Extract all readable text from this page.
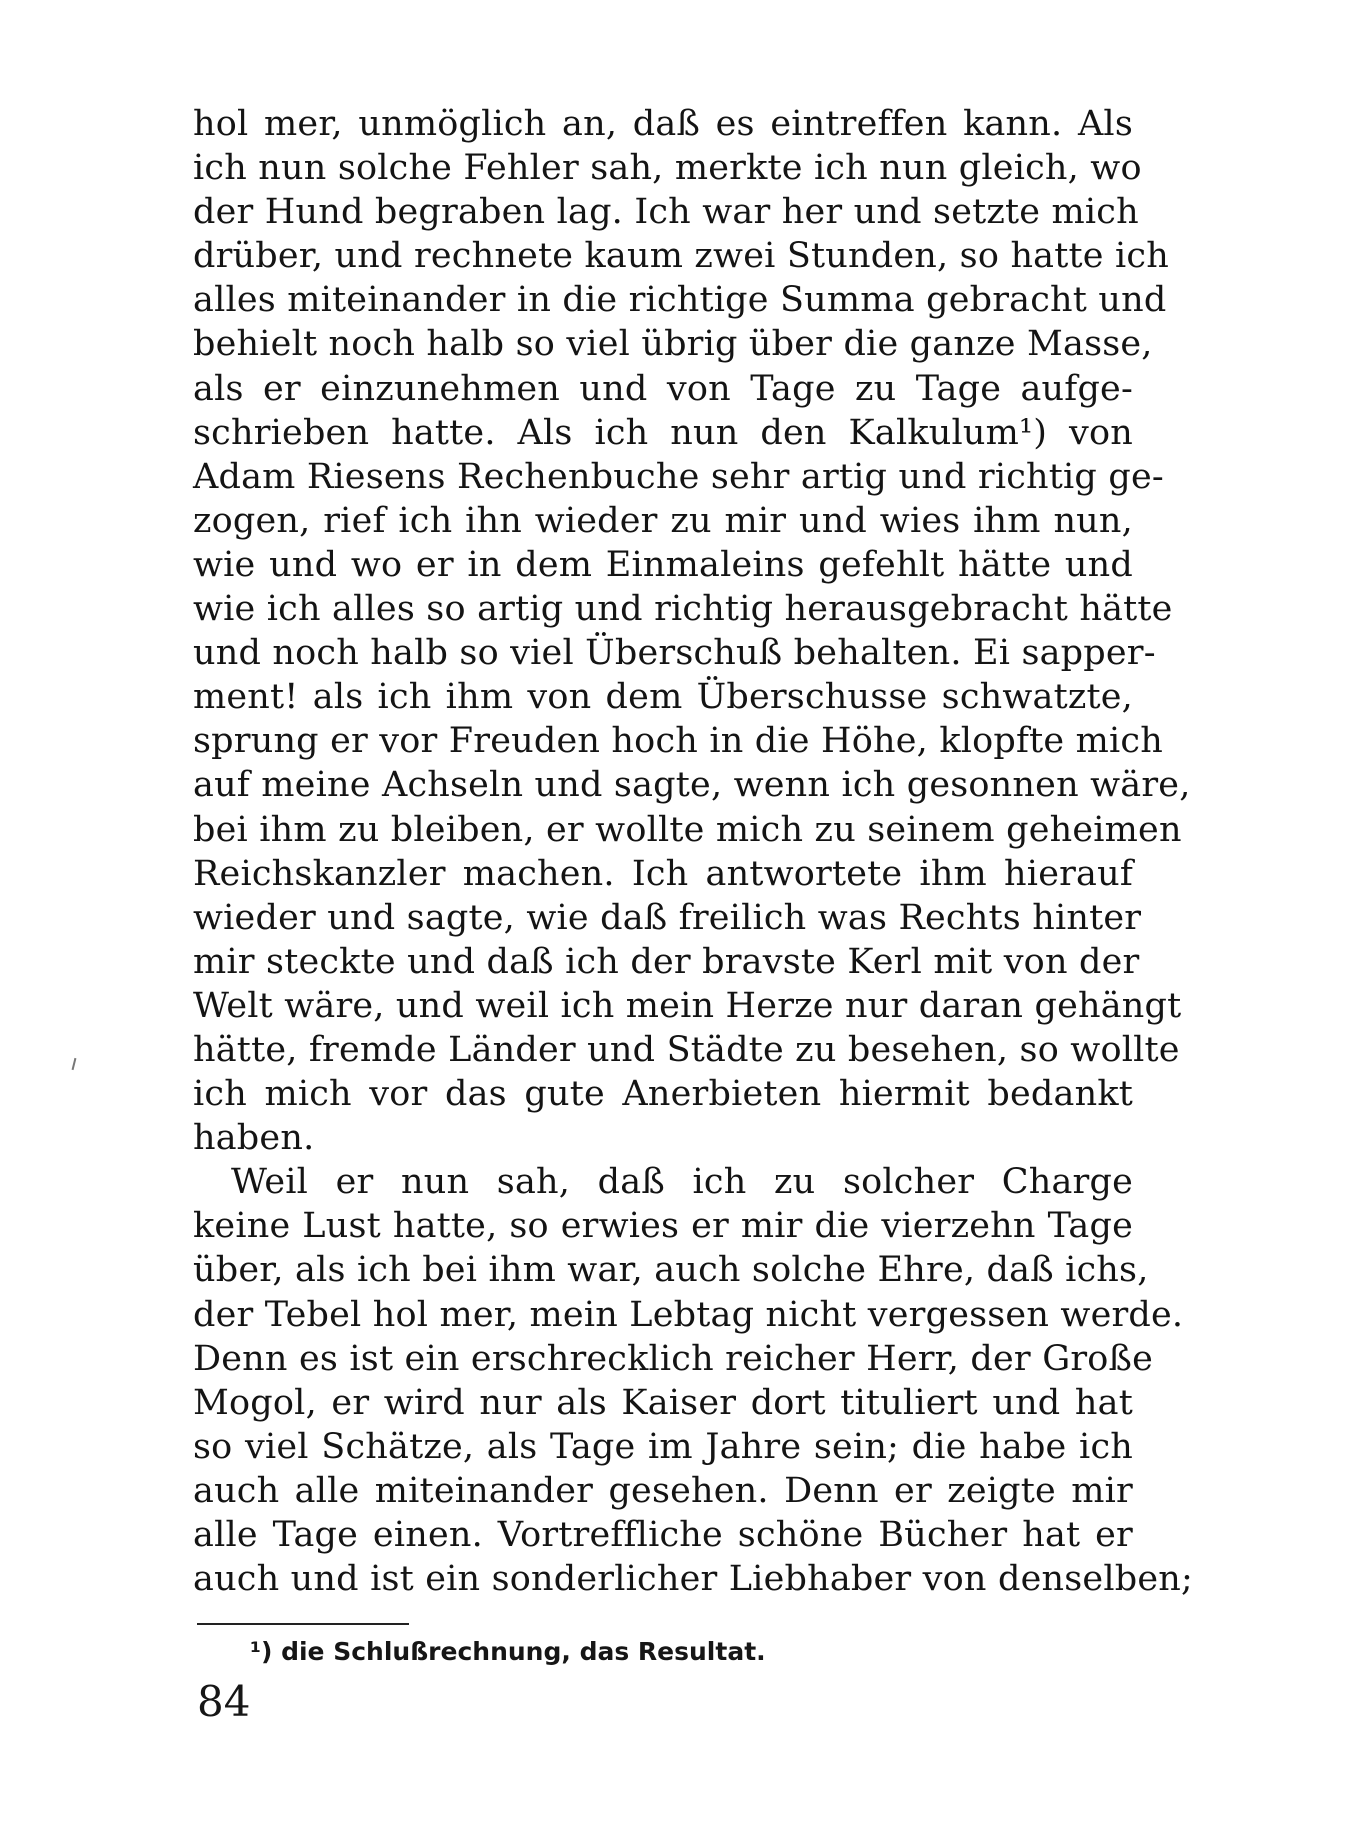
hol mer, unmöglich an, daß es eintreffen kann. Als
ich nun solche Fehler sah, merkte ich nun gleich, wo
der Hund begraben lag. Ich war her und setzte mich
drüber, und rechnete kaum zwei Stunden, so hatte ich
alles miteinander in die richtige Summa gebracht und
behielt noch halb so viel übrig über die ganze Masse,
als er einzunehmen und von Tage zu Tage aufge-
schrieben hatte. Als ich nun den Kalkulum¹) von
Adam Riesens Rechenbuche sehr artig und richtig ge-
zogen, rief ich ihn wieder zu mir und wies ihm nun,
wie und wo er in dem Einmaleins gefehlt hätte und
wie ich alles so artig und richtig herausgebracht hätte
und noch halb so viel Überschuß behalten. Ei sapper-
ment! als ich ihm von dem Überschusse schwatzte,
sprung er vor Freuden hoch in die Höhe, klopfte mich
auf meine Achseln und sagte, wenn ich gesonnen wäre,
bei ihm zu bleiben, er wollte mich zu seinem geheimen
Reichskanzler machen. Ich antwortete ihm hierauf
wieder und sagte, wie daß freilich was Rechts hinter
mir steckte und daß ich der bravste Kerl mit von der
Welt wäre, und weil ich mein Herze nur daran gehängt
hätte, fremde Länder und Städte zu besehen, so wollte
ich mich vor das gute Anerbieten hiermit bedankt
haben.
Weil er nun sah, daß ich zu solcher Charge
keine Lust hatte, so erwies er mir die vierzehn Tage
über, als ich bei ihm war, auch solche Ehre, daß ichs,
der Tebel hol mer, mein Lebtag nicht vergessen werde.
Denn es ist ein erschrecklich reicher Herr, der Große
Mogol, er wird nur als Kaiser dort tituliert und hat
so viel Schätze, als Tage im Jahre sein; die habe ich
auch alle miteinander gesehen. Denn er zeigte mir
alle Tage einen. Vortreffliche schöne Bücher hat er
auch und ist ein sonderlicher Liebhaber von denselben;
¹) die Schlußrechnung, das Resultat.
84
